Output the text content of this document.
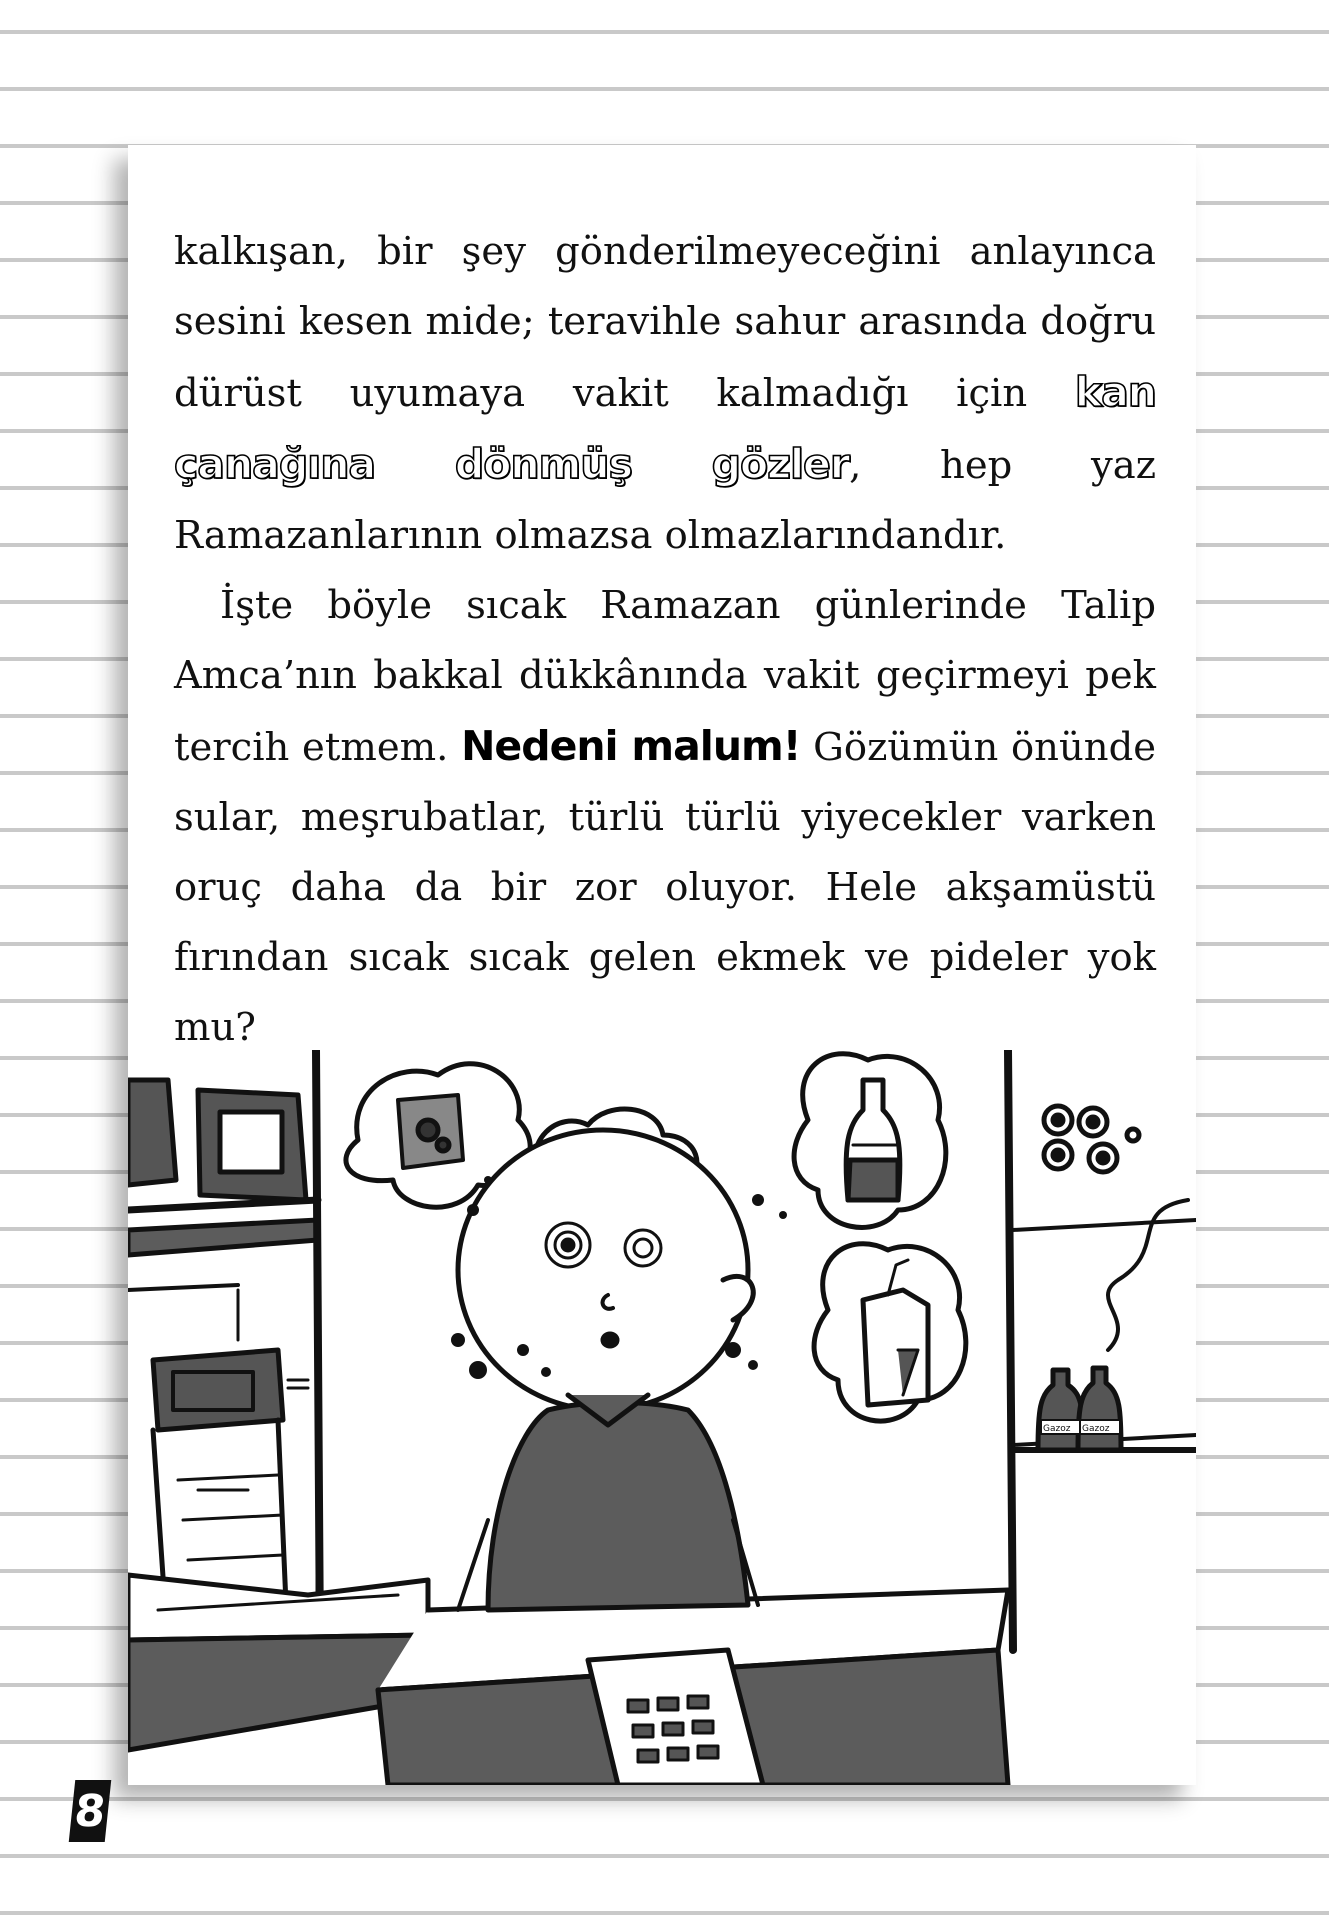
kalkışan, bir şey gönderilmeyeceğini anlayınca sesini kesen mide; teravihle sahur arasında doğru dürüst uyumaya vakit kalmadığı için kan çanağına dönmüş gözler, hep yaz Ramazanlarının olmazsa olmazlarındandır.

İşte böyle sıcak Ramazan günlerinde Talip Amca’nın bakkal dükkânında vakit geçirmeyi pek tercih etmem. Nedeni malum! Gözümün önünde sular, meşrubatlar, türlü türlü yiyecekler varken oruç daha da bir zor oluyor. Hele akşamüstü fırından sıcak sıcak gelen ekmek ve pideler yok mu?

Gazoz Gazoz
8
